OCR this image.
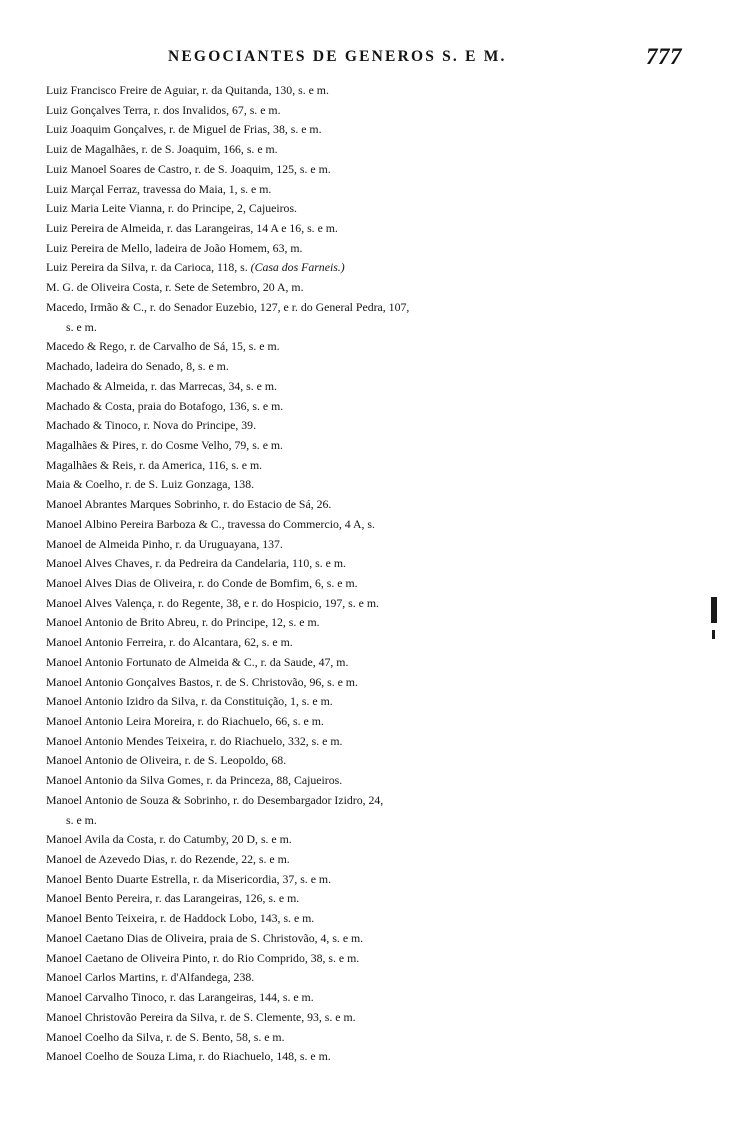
NEGOCIANTES DE GENEROS S. E M.	777
Luiz Francisco Freire de Aguiar, r. da Quitanda, 130, s. e m.
Luiz Gonçalves Terra, r. dos Invalidos, 67, s. e m.
Luiz Joaquim Gonçalves, r. de Miguel de Frias, 38, s. e m.
Luiz de Magalhães, r. de S. Joaquim, 166, s. e m.
Luiz Manoel Soares de Castro, r. de S. Joaquim, 125, s. e m.
Luiz Marçal Ferraz, travessa do Maia, 1, s. e m.
Luiz Maria Leite Vianna, r. do Principe, 2, Cajueiros.
Luiz Pereira de Almeida, r. das Larangeiras, 14 A e 16, s. e m.
Luiz Pereira de Mello, ladeira de João Homem, 63, m.
Luiz Pereira da Silva, r. da Carioca, 118, s. (Casa dos Farneis.)
M. G. de Oliveira Costa, r. Sete de Setembro, 20 A, m.
Macedo, Irmão & C., r. do Senador Euzebio, 127, e r. do General Pedra, 107,
s. e m.
Macedo & Rego, r. de Carvalho de Sá, 15, s. e m.
Machado, ladeira do Senado, 8, s. e m.
Machado & Almeida, r. das Marrecas, 34, s. e m.
Machado & Costa, praia do Botafogo, 136, s. e m.
Machado & Tinoco, r. Nova do Principe, 39.
Magalhães & Pires, r. do Cosme Velho, 79, s. e m.
Magalhães & Reis, r. da America, 116, s. e m.
Maia & Coelho, r. de S. Luiz Gonzaga, 138.
Manoel Abrantes Marques Sobrinho, r. do Estacio de Sá, 26.
Manoel Albino Pereira Barboza & C., travessa do Commercio, 4 A, s.
Manoel de Almeida Pinho, r. da Uruguayana, 137.
Manoel Alves Chaves, r. da Pedreira da Candelaria, 110, s. e m.
Manoel Alves Dias de Oliveira, r. do Conde de Bomfim, 6, s. e m.
Manoel Alves Valença, r. do Regente, 38, e r. do Hospicio, 197, s. e m.
Manoel Antonio de Brito Abreu, r. do Principe, 12, s. e m.
Manoel Antonio Ferreira, r. do Alcantara, 62, s. e m.
Manoel Antonio Fortunato de Almeida & C., r. da Saude, 47, m.
Manoel Antonio Gonçalves Bastos, r. de S. Christovão, 96, s. e m.
Manoel Antonio Izidro da Silva, r. da Constituição, 1, s. e m.
Manoel Antonio Leira Moreira, r. do Riachuelo, 66, s. e m.
Manoel Antonio Mendes Teixeira, r. do Riachuelo, 332, s. e m.
Manoel Antonio de Oliveira, r. de S. Leopoldo, 68.
Manoel Antonio da Silva Gomes, r. da Princeza, 88, Cajueiros.
Manoel Antonio de Souza & Sobrinho, r. do Desembargador Izidro, 24,
s. e m.
Manoel Avila da Costa, r. do Catumby, 20 D, s. e m.
Manoel de Azevedo Dias, r. do Rezende, 22, s. e m.
Manoel Bento Duarte Estrella, r. da Misericordia, 37, s. e m.
Manoel Bento Pereira, r. das Larangeiras, 126, s. e m.
Manoel Bento Teixeira, r. de Haddock Lobo, 143, s. e m.
Manoel Caetano Dias de Oliveira, praia de S. Christovão, 4, s. e m.
Manoel Caetano de Oliveira Pinto, r. do Rio Comprido, 38, s. e m.
Manoel Carlos Martins, r. d'Alfandega, 238.
Manoel Carvalho Tinoco, r. das Larangeiras, 144, s. e m.
Manoel Christovão Pereira da Silva, r. de S. Clemente, 93, s. e m.
Manoel Coelho da Silva, r. de S. Bento, 58, s. e m.
Manoel Coelho de Souza Lima, r. do Riachuelo, 148, s. e m.
